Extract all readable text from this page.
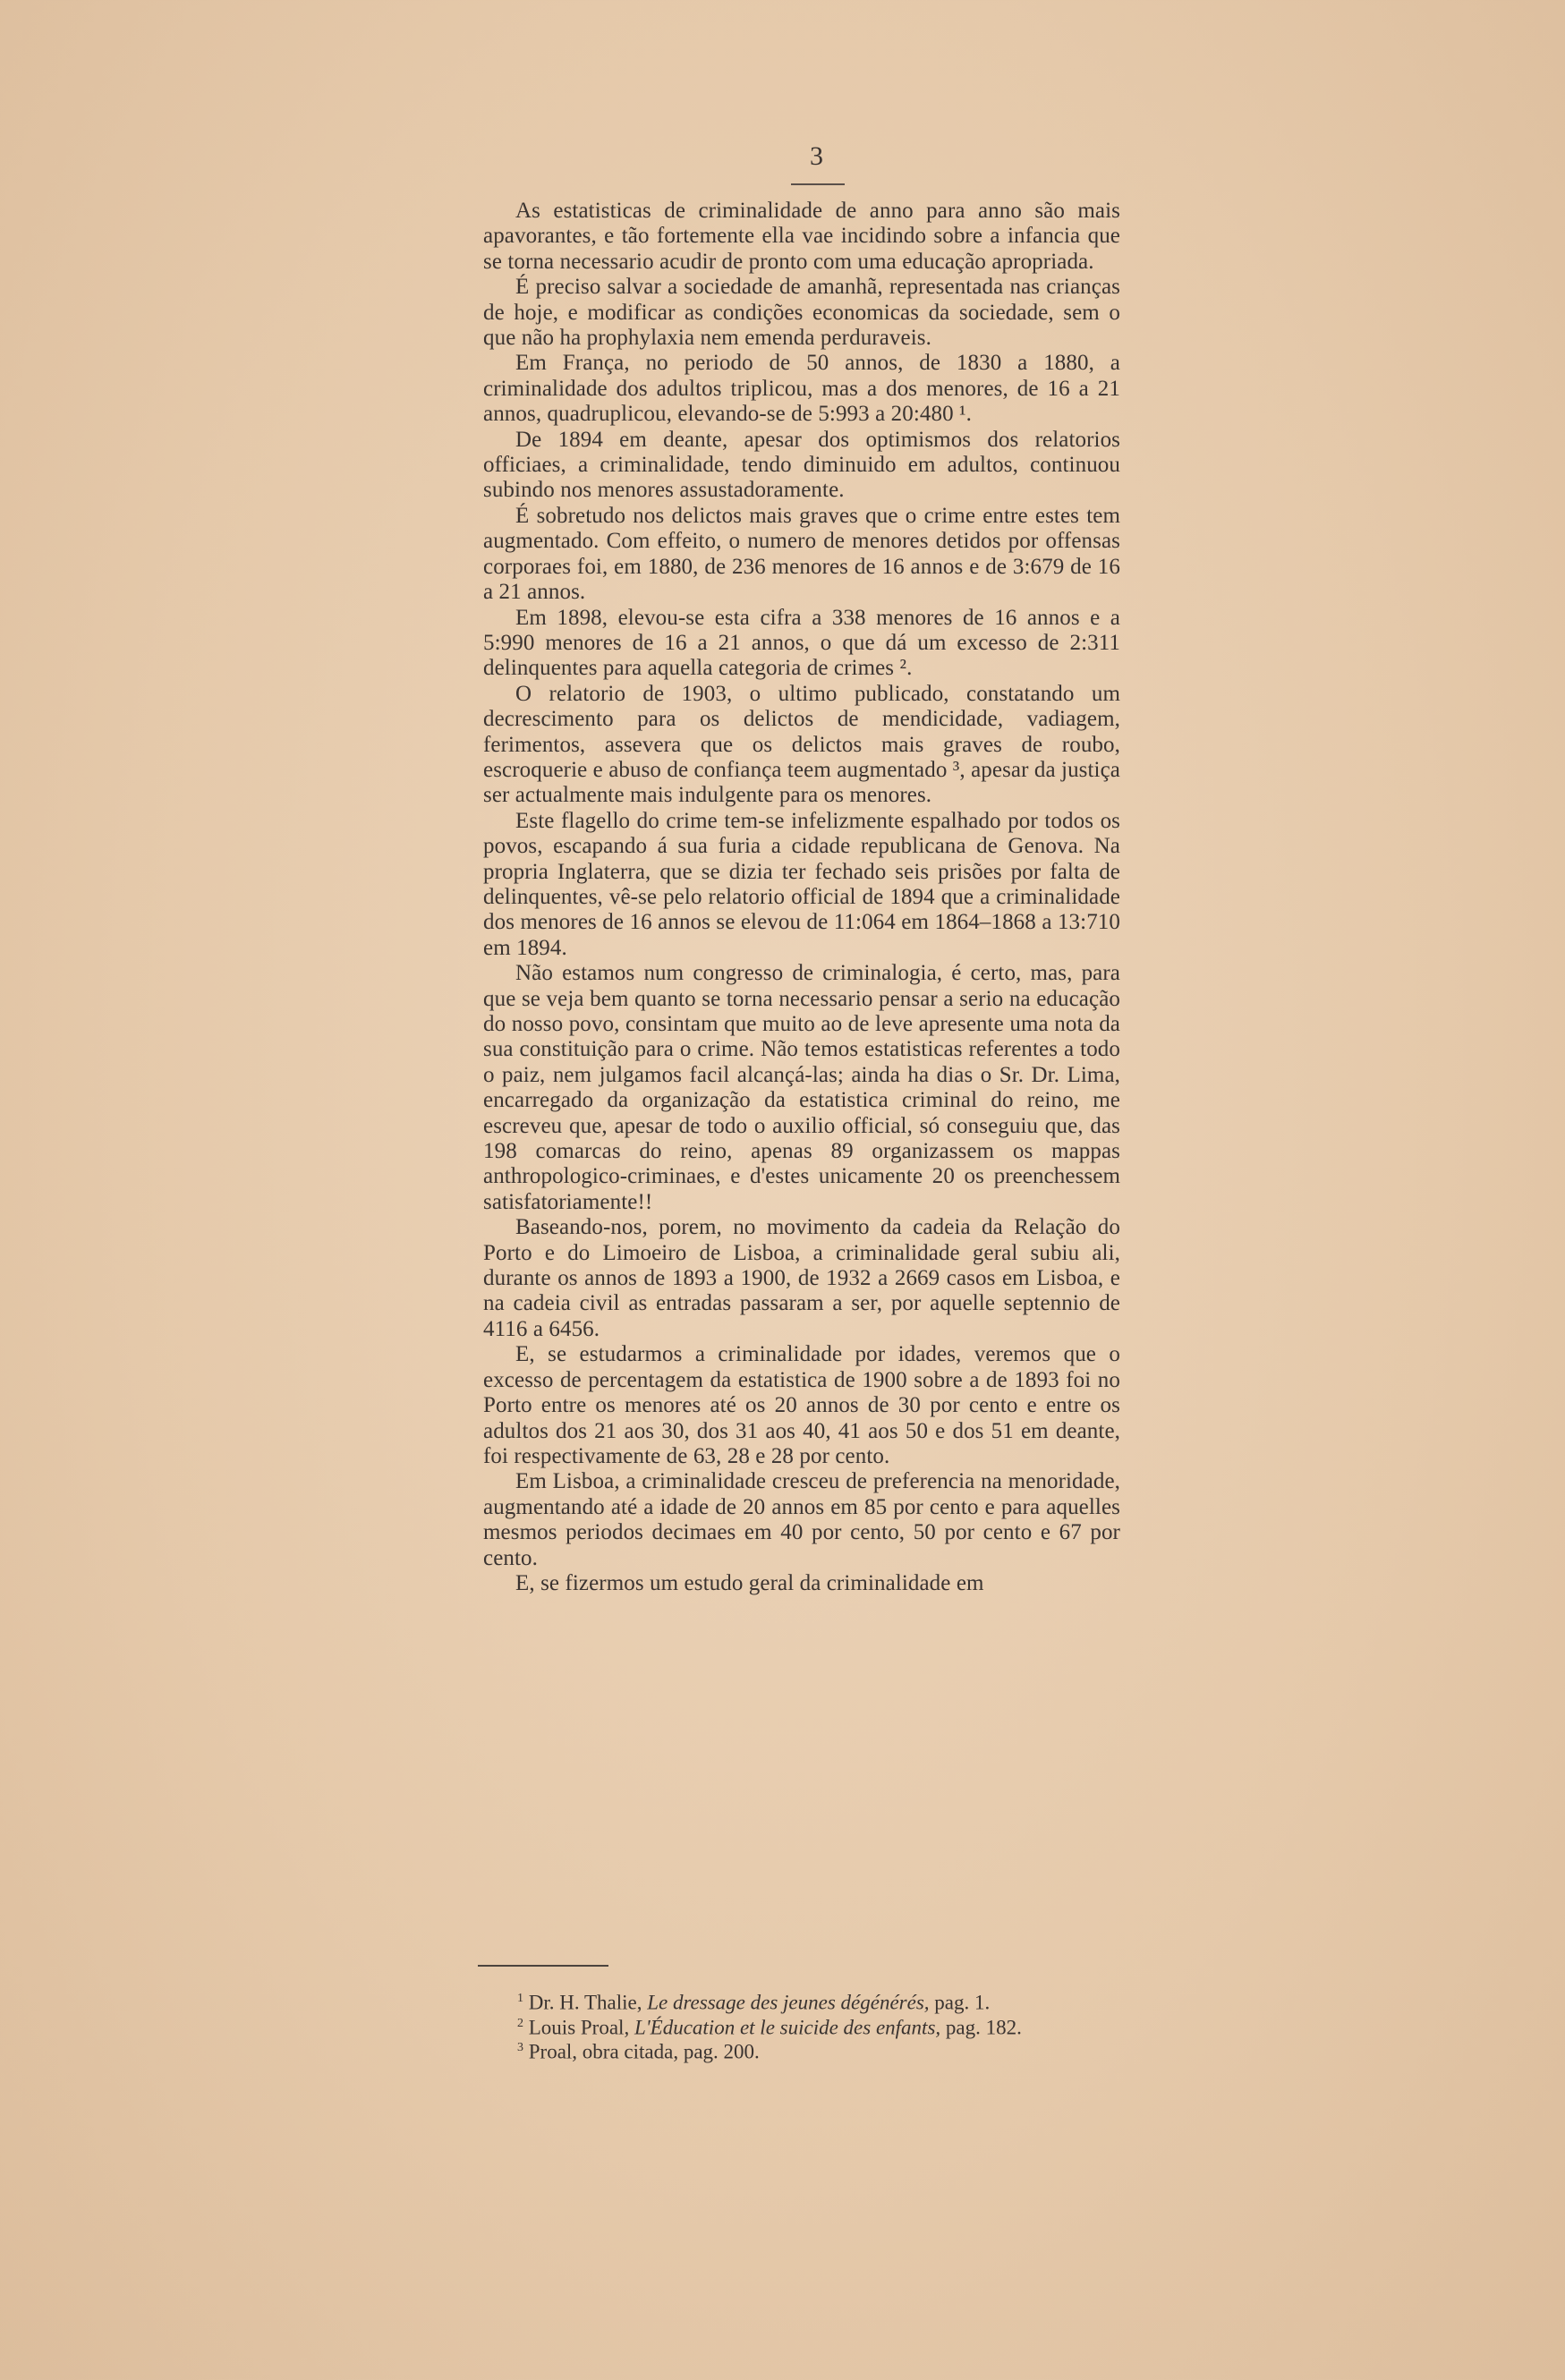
3

As estatisticas de criminalidade de anno para anno são mais apavorantes, e tão fortemente ella vae incidindo sobre a infancia que se torna necessario acudir de pronto com uma educação apropriada.

É preciso salvar a sociedade de amanhã, representada nas crianças de hoje, e modificar as condições economicas da sociedade, sem o que não ha prophylaxia nem emenda perduraveis.

Em França, no periodo de 50 annos, de 1830 a 1880, a criminalidade dos adultos triplicou, mas a dos menores, de 16 a 21 annos, quadruplicou, elevando-se de 5:993 a 20:480 ¹.

De 1894 em deante, apesar dos optimismos dos relatorios officiaes, a criminalidade, tendo diminuido em adultos, continuou subindo nos menores assustadoramente.

É sobretudo nos delictos mais graves que o crime entre estes tem augmentado. Com effeito, o numero de menores detidos por offensas corporaes foi, em 1880, de 236 menores de 16 annos e de 3:679 de 16 a 21 annos.

Em 1898, elevou-se esta cifra a 338 menores de 16 annos e a 5:990 menores de 16 a 21 annos, o que dá um excesso de 2:311 delinquentes para aquella categoria de crimes ².

O relatorio de 1903, o ultimo publicado, constatando um decrescimento para os delictos de mendicidade, vadiagem, ferimentos, assevera que os delictos mais graves de roubo, escroquerie e abuso de confiança teem augmentado ³, apesar da justiça ser actualmente mais indulgente para os menores.

Este flagello do crime tem-se infelizmente espalhado por todos os povos, escapando á sua furia a cidade republicana de Genova. Na propria Inglaterra, que se dizia ter fechado seis prisões por falta de delinquentes, vê-se pelo relatorio official de 1894 que a criminalidade dos menores de 16 annos se elevou de 11:064 em 1864–1868 a 13:710 em 1894.

Não estamos num congresso de criminalogia, é certo, mas, para que se veja bem quanto se torna necessario pensar a serio na educação do nosso povo, consintam que muito ao de leve apresente uma nota da sua constituição para o crime. Não temos estatisticas referentes a todo o paiz, nem julgamos facil alcançá-las; ainda ha dias o Sr. Dr. Lima, encarregado da organização da estatistica criminal do reino, me escreveu que, apesar de todo o auxilio official, só conseguiu que, das 198 comarcas do reino, apenas 89 organizassem os mappas anthropologico-criminaes, e d'estes unicamente 20 os preenchessem satisfatoriamente!!

Baseando-nos, porem, no movimento da cadeia da Relação do Porto e do Limoeiro de Lisboa, a criminalidade geral subiu ali, durante os annos de 1893 a 1900, de 1932 a 2669 casos em Lisboa, e na cadeia civil as entradas passaram a ser, por aquelle septennio de 4116 a 6456.

E, se estudarmos a criminalidade por idades, veremos que o excesso de percentagem da estatistica de 1900 sobre a de 1893 foi no Porto entre os menores até os 20 annos de 30 por cento e entre os adultos dos 21 aos 30, dos 31 aos 40, 41 aos 50 e dos 51 em deante, foi respectivamente de 63, 28 e 28 por cento.

Em Lisboa, a criminalidade cresceu de preferencia na menoridade, augmentando até a idade de 20 annos em 85 por cento e para aquelles mesmos periodos decimaes em 40 por cento, 50 por cento e 67 por cento.

E, se fizermos um estudo geral da criminalidade em

$^1$ Dr. H. Thalie, Le dressage des jeunes dégénérés, pag. 1.

$^2$ Louis Proal, L'Éducation et le suicide des enfants, pag. 182.

$^3$ Proal, obra citada, pag. 200.
